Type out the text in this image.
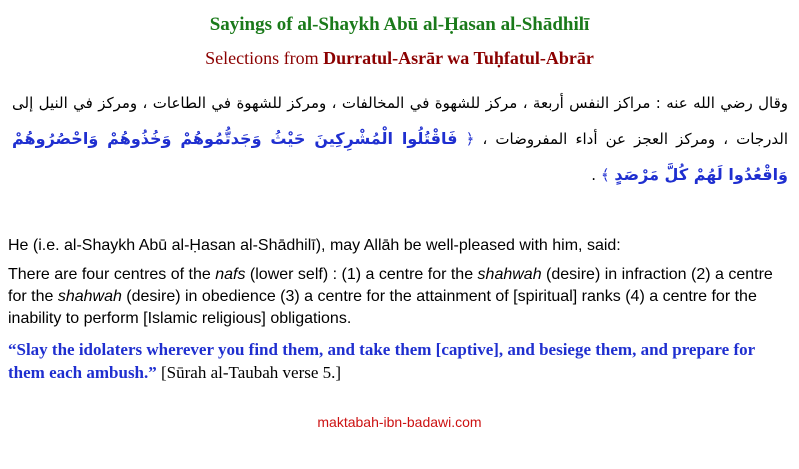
Sayings of al-Shaykh Abū al-Ḥasan al-Shādhilī
Selections from Durratul-Asrār wa Tuḥfatul-Abrār
وقال رضي الله عنه : مراكز النفس أربعة ، مركز للشهوة في المخالفات ، ومركز للشهوة في الطاعات ، ومركز في النيل إلى الدرجات ، ومركز العجز عن أداء المفروضات ، ﴿ فَاقْتُلُوا الْمُشْرِكِينَ حَيْثُ وَجَدتُّمُوهُمْ وَخُذُوهُمْ وَاحْصُرُوهُمْ وَاقْعُدُوا لَهُمْ كُلَّ مَرْصَدٍ ﴾ .
He (i.e. al-Shaykh Abū al-Ḥasan al-Shādhilī), may Allāh be well-pleased with him, said:
There are four centres of the nafs (lower self) : (1) a centre for the shahwah (desire) in infraction (2) a centre for the shahwah (desire) in obedience (3) a centre for the attainment of [spiritual] ranks (4) a centre for the inability to perform [Islamic religious] obligations.
“Slay the idolaters wherever you find them, and take them [captive], and besiege them, and prepare for them each ambush.” [Sūrah al-Taubah verse 5.]
maktabah-ibn-badawi.com
